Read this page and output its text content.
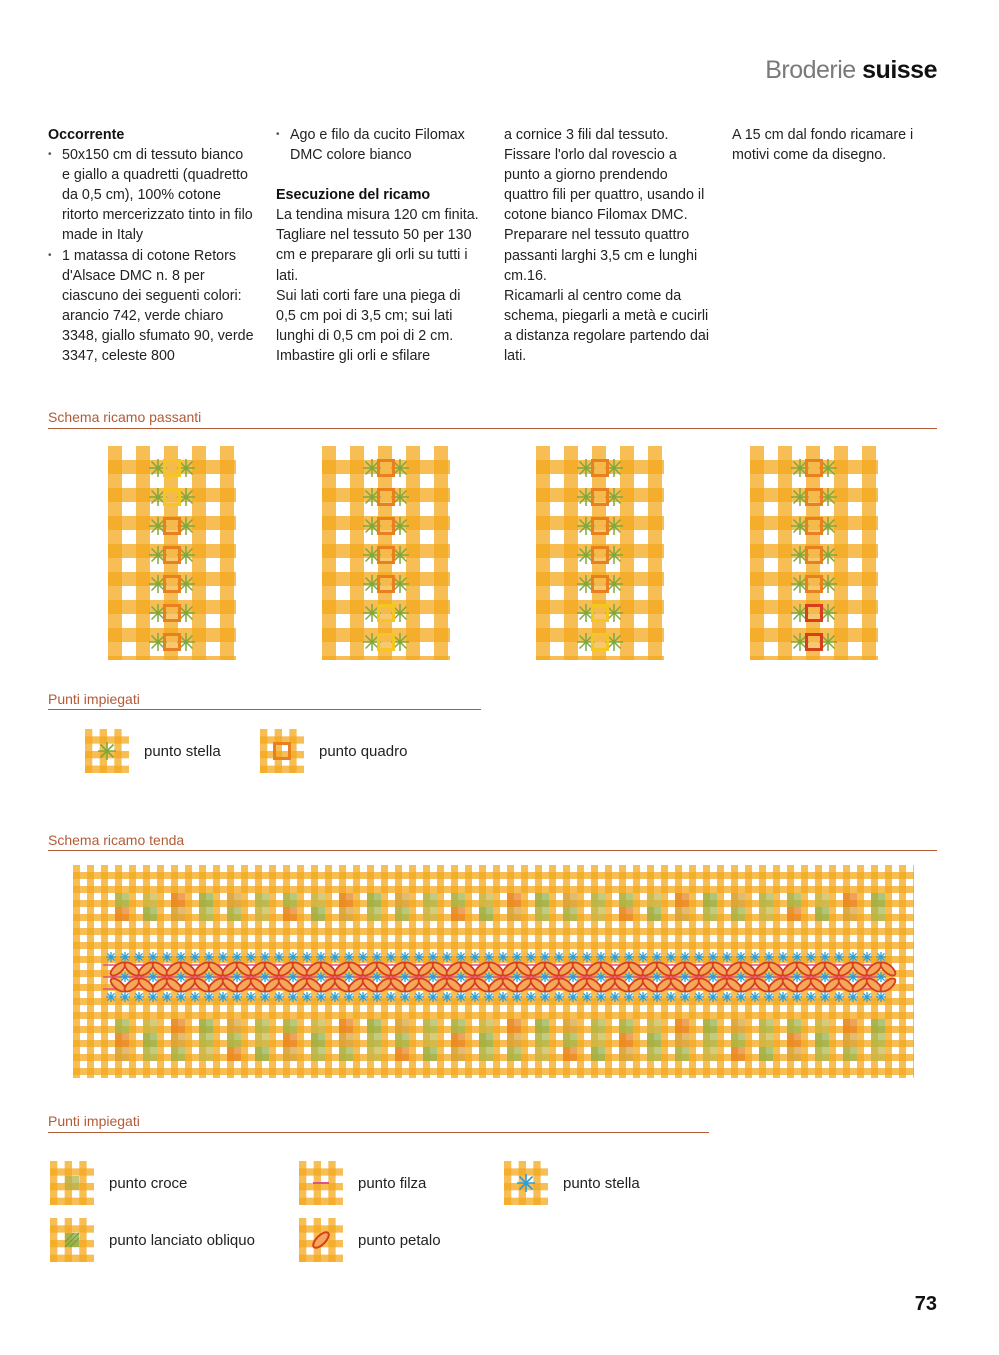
Broderie suisse
Occorrente
• 50x150 cm di tessuto bianco e giallo a quadretti (quadretto da 0,5 cm), 100% cotone ritorto mercerizzato tinto in filo made in Italy
• 1 matassa di cotone Retors d'Alsace DMC n. 8 per ciascuno dei seguenti colori: arancio 742, verde chiaro 3348, giallo sfumato 90, verde 3347, celeste 800
• Ago e filo da cucito Filomax DMC colore bianco
Esecuzione del ricamo

La tendina misura 120 cm finita. Tagliare nel tessuto 50 per 130 cm e preparare gli orli su tutti i lati.

Sui lati corti fare una piega di 0,5 cm poi di 3,5 cm; sui lati lunghi di 0,5 cm poi di 2 cm. Imbastire gli orli e sfilare

a cornice 3 fili dal tessuto. Fissare l'orlo dal rovescio a punto a giorno prendendo quattro fili per quattro, usando il cotone bianco Filomax DMC. Preparare nel tessuto quattro passanti larghi 3,5 cm e lunghi cm.16.

Ricamarli al centro come da schema, piegarli a metà e cucirli a distanza regolare partendo dai lati.

A 15 cm dal fondo ricamare i motivi come da disegno.

Schema ricamo passanti
Punti impiegati
punto stella	punto quadro
Schema ricamo tenda
Punti impiegati
punto croce	punto filza	punto stella
punto lanciato obliquo	punto petalo
73
